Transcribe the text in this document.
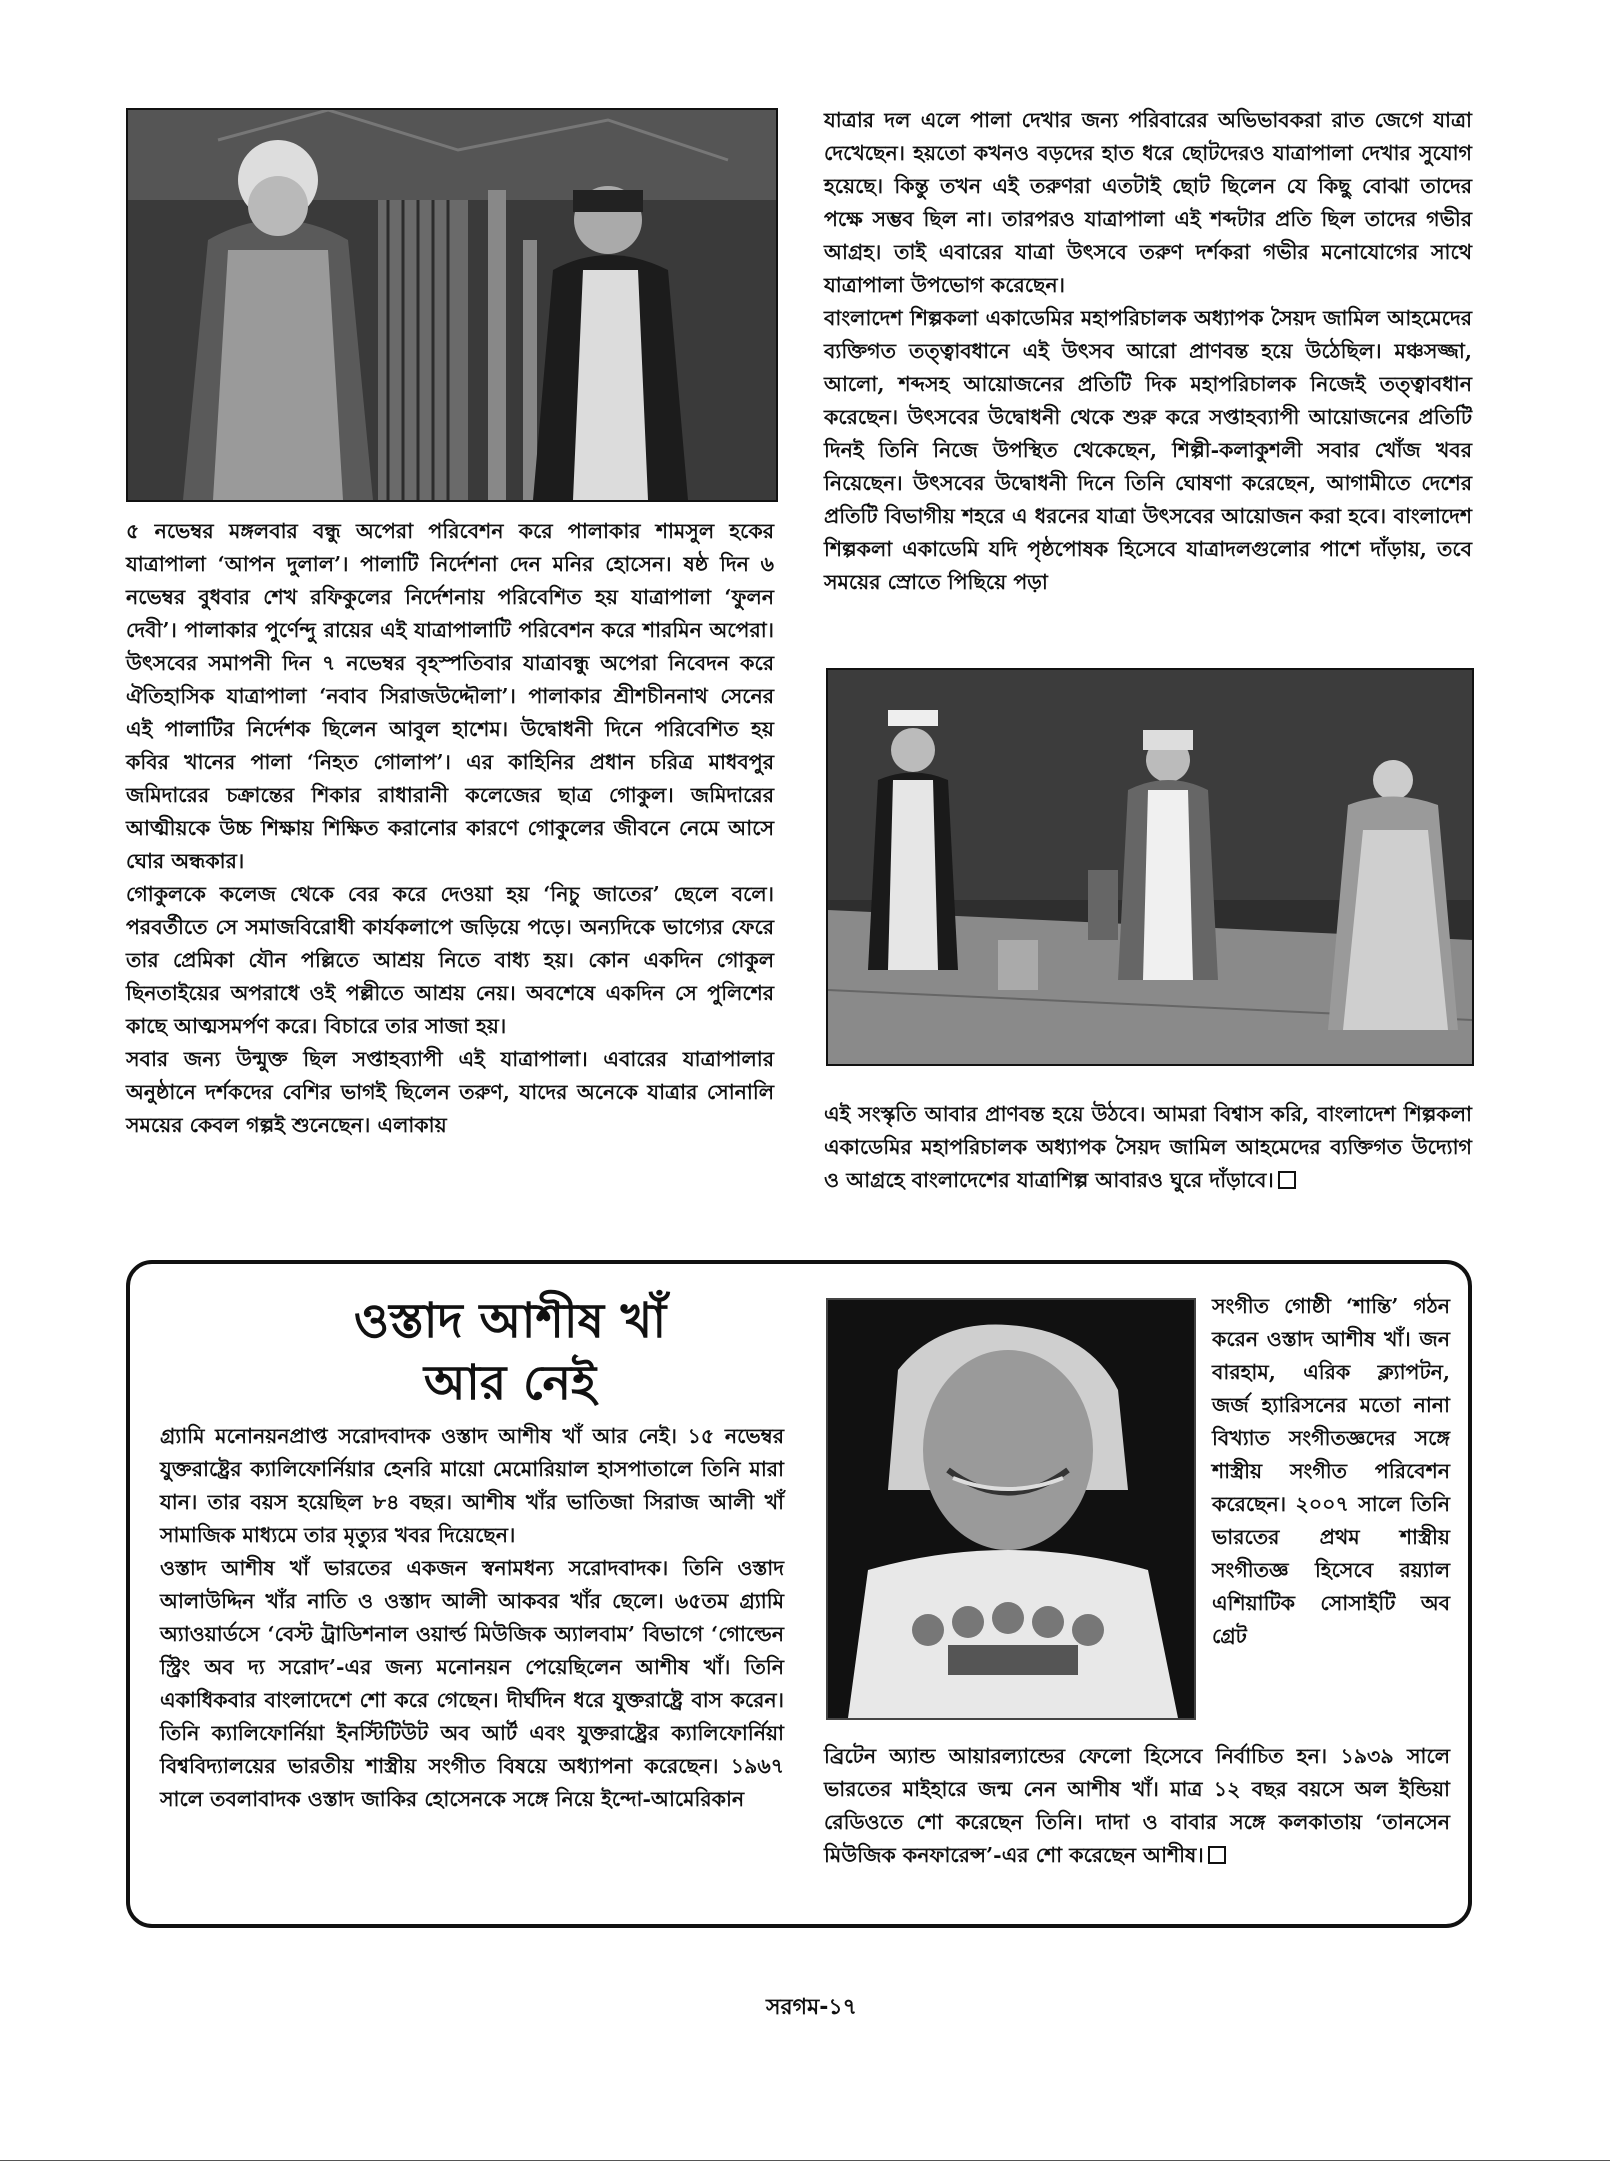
৫ নভেম্বর মঙ্গলবার বন্ধু অপেরা পরিবেশন করে পালাকার শামসুল হকের যাত্রাপালা ‘আপন দুলাল’। পালাটি নির্দেশনা দেন মনির হোসেন। ষষ্ঠ দিন ৬ নভেম্বর বুধবার শেখ রফিকুলের নির্দেশনায় পরিবেশিত হয় যাত্রাপালা ‘ফুলন দেবী’। পালাকার পুর্ণেন্দু রায়ের এই যাত্রাপালাটি পরিবেশন করে শারমিন অপেরা। উৎসবের সমাপনী দিন ৭ নভেম্বর বৃহস্পতিবার যাত্রাবন্ধু অপেরা নিবেদন করে ঐতিহাসিক যাত্রাপালা ‘নবাব সিরাজউদ্দৌলা’। পালাকার শ্রীশচীননাথ সেনের এই পালাটির নির্দেশক ছিলেন আবুল হাশেম। উদ্বোধনী দিনে পরিবেশিত হয় কবির খানের পালা ‘নিহত গোলাপ’। এর কাহিনির প্রধান চরিত্র মাধবপুর জমিদারের চক্রান্তের শিকার রাধারানী কলেজের ছাত্র গোকুল। জমিদারের আত্মীয়কে উচ্চ শিক্ষায় শিক্ষিত করানোর কারণে গোকুলের জীবনে নেমে আসে ঘোর অন্ধকার।

গোকুলকে কলেজ থেকে বের করে দেওয়া হয় ‘নিচু জাতের’ ছেলে বলে। পরবর্তীতে সে সমাজবিরোধী কার্যকলাপে জড়িয়ে পড়ে। অন্যদিকে ভাগ্যের ফেরে তার প্রেমিকা যৌন পল্লিতে আশ্রয় নিতে বাধ্য হয়। কোন একদিন গোকুল ছিনতাইয়ের অপরাধে ওই পল্লীতে আশ্রয় নেয়। অবশেষে একদিন সে পুলিশের কাছে আত্মসমর্পণ করে। বিচারে তার সাজা হয়।

সবার জন্য উন্মুক্ত ছিল সপ্তাহব্যাপী এই যাত্রাপালা। এবারের যাত্রাপালার অনুষ্ঠানে দর্শকদের বেশির ভাগই ছিলেন তরুণ, যাদের অনেকে যাত্রার সোনালি সময়ের কেবল গল্পই শুনেছেন। এলাকায়

যাত্রার দল এলে পালা দেখার জন্য পরিবারের অভিভাবকরা রাত জেগে যাত্রা দেখেছেন। হয়তো কখনও বড়দের হাত ধরে ছোটদেরও যাত্রাপালা দেখার সুযোগ হয়েছে। কিন্তু তখন এই তরুণরা এতটাই ছোট ছিলেন যে কিছু বোঝা তাদের পক্ষে সম্ভব ছিল না। তারপরও যাত্রাপালা এই শব্দটার প্রতি ছিল তাদের গভীর আগ্রহ। তাই এবারের যাত্রা উৎসবে তরুণ দর্শকরা গভীর মনোযোগের সাথে যাত্রাপালা উপভোগ করেছেন।

বাংলাদেশ শিল্পকলা একাডেমির মহাপরিচালক অধ্যাপক সৈয়দ জামিল আহমেদের ব্যক্তিগত তত্ত্বাবধানে এই উৎসব আরো প্রাণবন্ত হয়ে উঠেছিল। মঞ্চসজ্জা, আলো, শব্দসহ আয়োজনের প্রতিটি দিক মহাপরিচালক নিজেই তত্ত্বাবধান করেছেন। উৎসবের উদ্বোধনী থেকে শুরু করে সপ্তাহব্যাপী আয়োজনের প্রতিটি দিনই তিনি নিজে উপস্থিত থেকেছেন, শিল্পী-কলাকুশলী সবার খোঁজ খবর নিয়েছেন। উৎসবের উদ্বোধনী দিনে তিনি ঘোষণা করেছেন, আগামীতে দেশের প্রতিটি বিভাগীয় শহরে এ ধরনের যাত্রা উৎসবের আয়োজন করা হবে। বাংলাদেশ শিল্পকলা একাডেমি যদি পৃষ্ঠপোষক হিসেবে যাত্রাদলগুলোর পাশে দাঁড়ায়, তবে সময়ের স্রোতে পিছিয়ে পড়া

এই সংস্কৃতি আবার প্রাণবন্ত হয়ে উঠবে। আমরা বিশ্বাস করি, বাংলাদেশ শিল্পকলা একাডেমির মহাপরিচালক অধ্যাপক সৈয়দ জামিল আহমেদের ব্যক্তিগত উদ্যোগ ও আগ্রহে বাংলাদেশের যাত্রাশিল্প আবারও ঘুরে দাঁড়াবে।

ওস্তাদ আশীষ খাঁ
আর নেই

গ্র্যামি মনোনয়নপ্রাপ্ত সরোদবাদক ওস্তাদ আশীষ খাঁ আর নেই। ১৫ নভেম্বর যুক্তরাষ্ট্রের ক্যালিফোর্নিয়ার হেনরি মায়ো মেমোরিয়াল হাসপাতালে তিনি মারা যান। তার বয়স হয়েছিল ৮৪ বছর। আশীষ খাঁর ভাতিজা সিরাজ আলী খাঁ সামাজিক মাধ্যমে তার মৃত্যুর খবর দিয়েছেন।

ওস্তাদ আশীষ খাঁ ভারতের একজন স্বনামধন্য সরোদবাদক। তিনি ওস্তাদ আলাউদ্দিন খাঁর নাতি ও ওস্তাদ আলী আকবর খাঁর ছেলে। ৬৫তম গ্র্যামি অ্যাওয়ার্ডসে ‘বেস্ট ট্রাডিশনাল ওয়ার্ল্ড মিউজিক অ্যালবাম’ বিভাগে ‘গোল্ডেন স্ট্রিং অব দ্য সরোদ’-এর জন্য মনোনয়ন পেয়েছিলেন আশীষ খাঁ। তিনি একাধিকবার বাংলাদেশে শো করে গেছেন। দীর্ঘদিন ধরে যুক্তরাষ্ট্রে বাস করেন। তিনি ক্যালিফোর্নিয়া ইনস্টিটিউট অব আর্ট এবং যুক্তরাষ্ট্রের ক্যালিফোর্নিয়া বিশ্ববিদ্যালয়ের ভারতীয় শাস্ত্রীয় সংগীত বিষয়ে অধ্যাপনা করেছেন। ১৯৬৭ সালে তবলাবাদক ওস্তাদ জাকির হোসেনকে সঙ্গে নিয়ে ইন্দো-আমেরিকান

সংগীত গোষ্ঠী ‘শান্তি’ গঠন করেন ওস্তাদ আশীষ খাঁ। জন বারহাম, এরিক ক্ল্যাপটন, জর্জ হ্যারিসনের মতো নানা বিখ্যাত সংগীতজ্ঞদের সঙ্গে শাস্ত্রীয় সংগীত পরিবেশন করেছেন। ২০০৭ সালে তিনি ভারতের প্রথম শাস্ত্রীয় সংগীতজ্ঞ হিসেবে রয়্যাল এশিয়াটিক সোসাইটি অব গ্রেট

ব্রিটেন অ্যান্ড আয়ারল্যান্ডের ফেলো হিসেবে নির্বাচিত হন। ১৯৩৯ সালে ভারতের মাইহারে জন্ম নেন আশীষ খাঁ। মাত্র ১২ বছর বয়সে অল ইন্ডিয়া রেডিওতে শো করেছেন তিনি। দাদা ও বাবার সঙ্গে কলকাতায় ‘তানসেন মিউজিক কনফারেন্স’-এর শো করেছেন আশীষ।

সরগম-১৭
